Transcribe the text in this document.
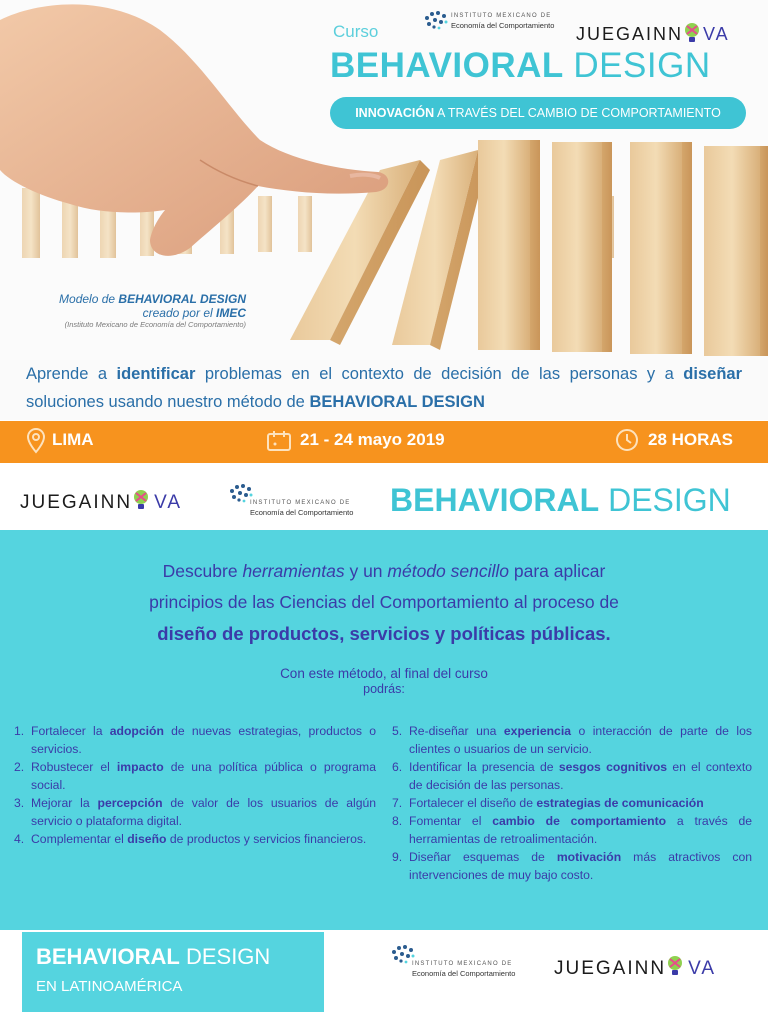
Curso
INSTITUTO MEXICANO DE
Economía del Comportamiento JUEGAINN VA
BEHAVIORAL DESIGN
INNOVACIÓN A TRAVÉS DEL CAMBIO DE COMPORTAMIENTO
Modelo de BEHAVIORAL DESIGN
creado por el IMEC
(Instituto Mexicano de Economía del Comportamiento)
Aprende a identificar problemas en el contexto de decisión de las personas y a diseñar soluciones usando nuestro método de BEHAVIORAL DESIGN
LIMA	21 - 24 mayo 2019	28 HORAS
JUEGAINN VA	INSTITUTO MEXICANO DE
Economía del Comportamiento BEHAVIORAL DESIGN
Descubre herramientas y un método sencillo para aplicar
principios de las Ciencias del Comportamiento al proceso de
diseño de productos, servicios y políticas públicas.
Con este método, al final del curso
podrás:
1. Fortalecer la adopción de nuevas estrategias, productos o servicios.
2. Robustecer el impacto de una política pública o programa social.
3. Mejorar la percepción de valor de los usuarios de algún servicio o plataforma digital.
4. Complementar el diseño de productos y servicios financieros.
5. Re-diseñar una experiencia o interacción de parte de los clientes o usuarios de un servicio.
6. Identificar la presencia de sesgos cognitivos en el contexto de decisión de las personas.
7. Fortalecer el diseño de estrategias de comunicación
8. Fomentar el cambio de comportamiento a través de herramientas de retroalimentación.
9. Diseñar esquemas de motivación más atractivos con intervenciones de muy bajo costo.
BEHAVIORAL DESIGN
EN LATINOAMÉRICA
INSTITUTO MEXICANO DE
Economía del Comportamiento JUEGAINN VA
